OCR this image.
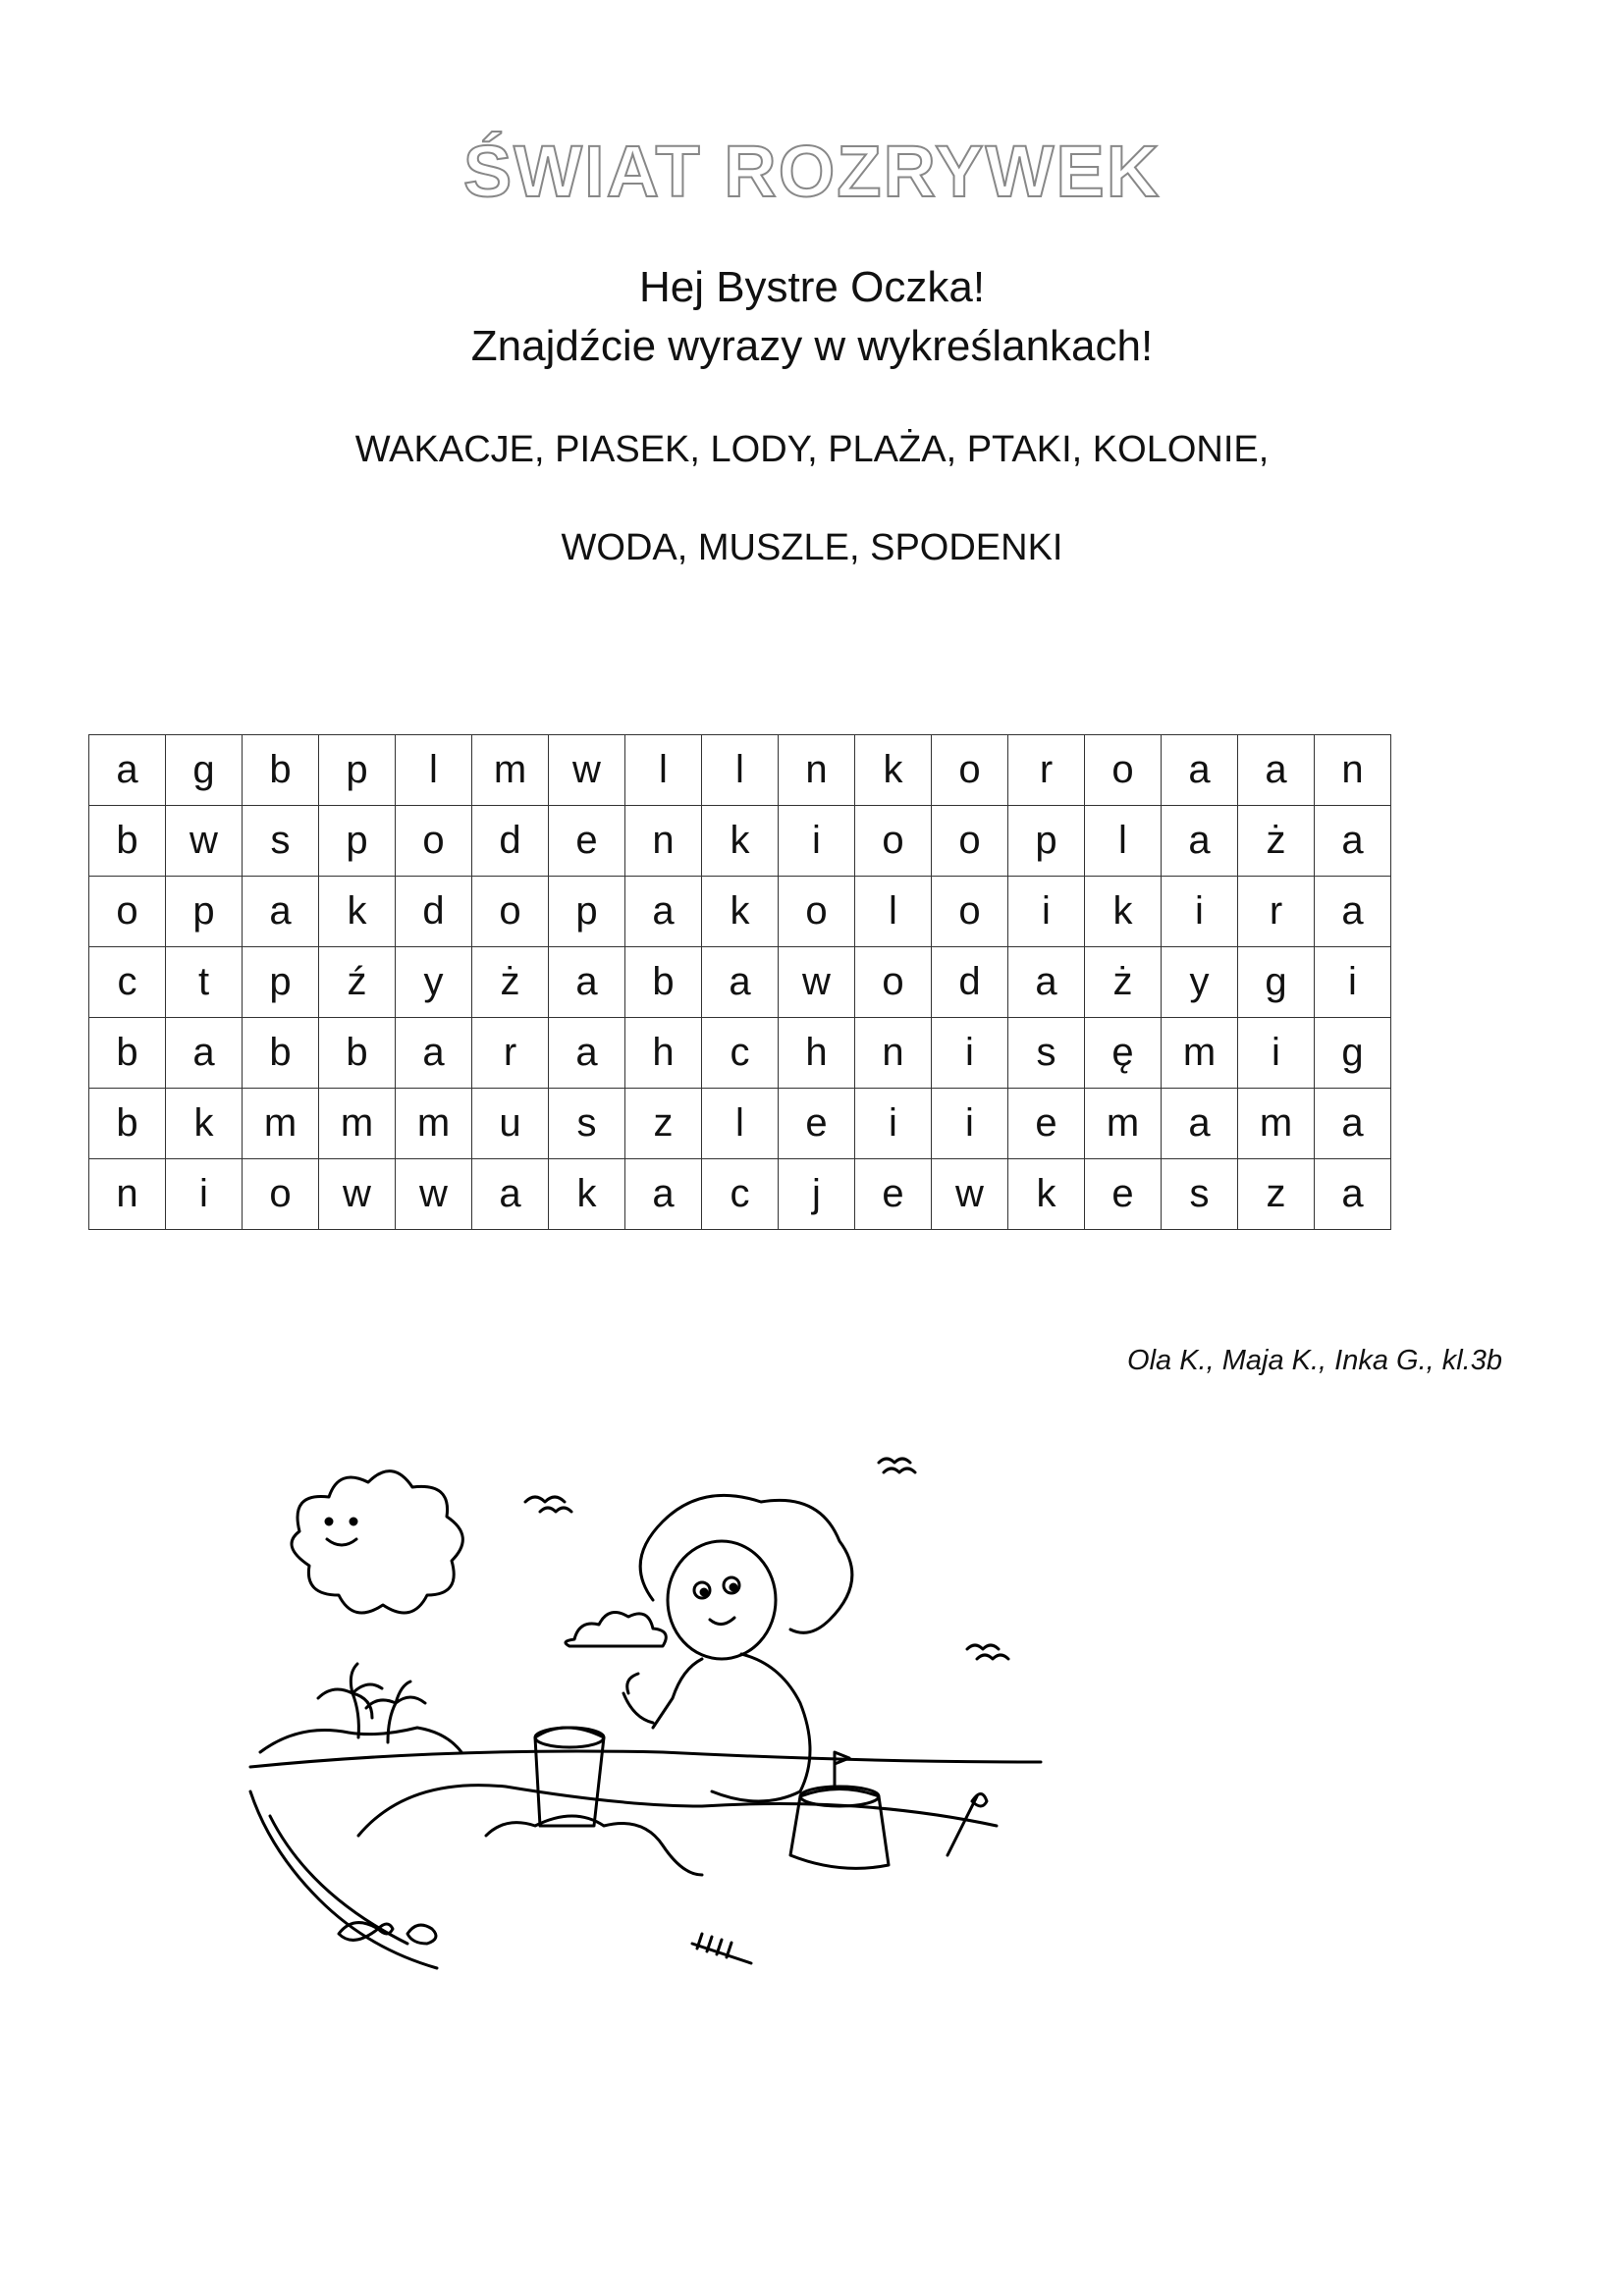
ŚWIAT ROZRYWEK
Hej Bystre Oczka!
Znajdźcie wyrazy w wykreślankach!
WAKACJE, PIASEK, LODY, PLAŻA, PTAKI, KOLONIE,
WODA, MUSZLE, SPODENKI
a	g	b	p	l	m	w	l	l	n	k	o	r	o	a	a	n
b	w	s	p	o	d	e	n	k	i	o	o	p	l	a	ż	a
o	p	a	k	d	o	p	a	k	o	l	o	i	k	i	r	a
c	t	p	ź	y	ż	a	b	a	w	o	d	a	ż	y	g	i
b	a	b	b	a	r	a	h	c	h	n	i	s	ę	m	i	g
b	k	m	m	m	u	s	z	l	e	i	i	e	m	a	m	a
n	i	o	w	w	a	k	a	c	j	e	w	k	e	s	z	a
Ola K., Maja K., Inka G., kl.3b
